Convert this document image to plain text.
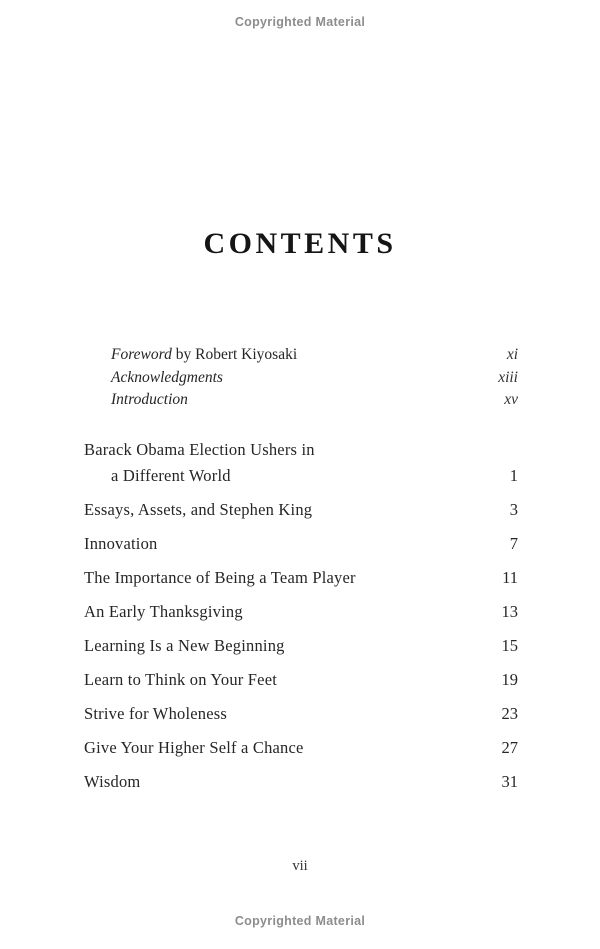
Copyrighted Material
CONTENTS
Foreword by Robert Kiyosaki	xi
Acknowledgments	xiii
Introduction	xv
Barack Obama Election Ushers in
a Different World	1
Essays, Assets, and Stephen King	3
Innovation	7
The Importance of Being a Team Player	11
An Early Thanksgiving	13
Learning Is a New Beginning	15
Learn to Think on Your Feet	19
Strive for Wholeness	23
Give Your Higher Self a Chance	27
Wisdom	31
vii
Copyrighted Material
